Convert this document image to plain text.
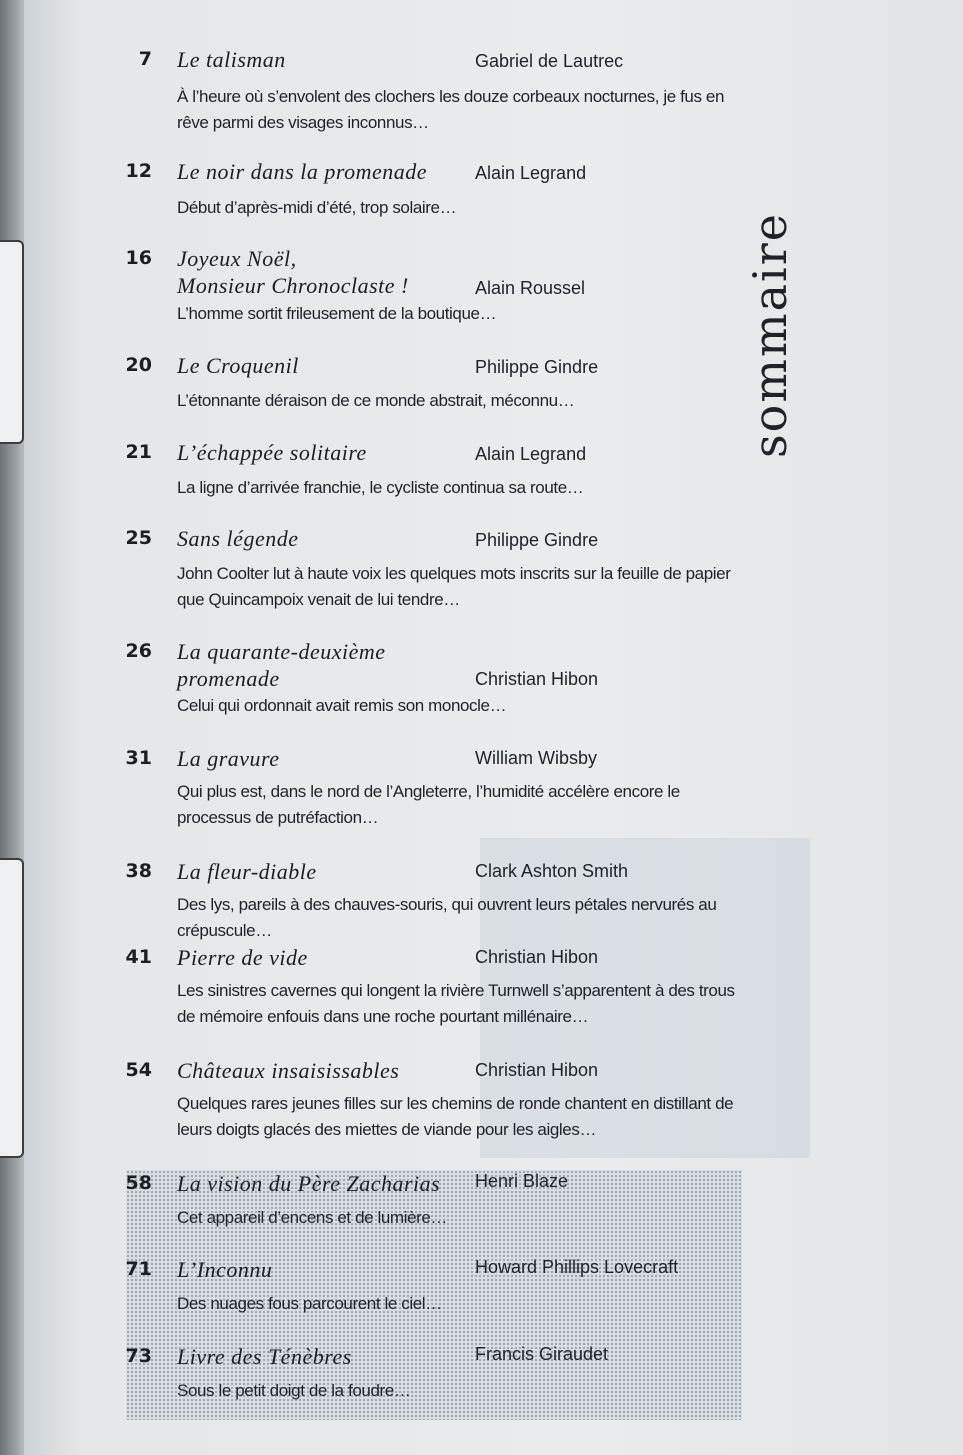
sommaire
7 Le talisman	Gabriel de Lautrec
À l’heure où s’envolent des clochers les douze corbeaux nocturnes, je fus en rêve parmi des visages inconnus…
12 Le noir dans la promenade	Alain Legrand
Début d’après-midi d’été, trop solaire…
16 Joyeux Noël,
Monsieur Chronoclaste !	Alain Roussel
L’homme sortit frileusement de la boutique…
20 Le Croquenil	Philippe Gindre
L’étonnante déraison de ce monde abstrait, méconnu…
21 L’échappée solitaire	Alain Legrand
La ligne d’arrivée franchie, le cycliste continua sa route…
25 Sans légende	Philippe Gindre
John Coolter lut à haute voix les quelques mots inscrits sur la feuille de papier que Quincampoix venait de lui tendre…
26 La quarante-deuxième
promenade	Christian Hibon
Celui qui ordonnait avait remis son monocle…
31 La gravure	William Wibsby
Qui plus est, dans le nord de l’Angleterre, l’humidité accélère encore le processus de putréfaction…
38 La fleur-diable	Clark Ashton Smith
Des lys, pareils à des chauves-souris, qui ouvrent leurs pétales nervurés au crépuscule…
41 Pierre de vide	Christian Hibon
Les sinistres cavernes qui longent la rivière Turnwell s’apparentent à des trous de mémoire enfouis dans une roche pourtant millénaire…
54 Châteaux insaisissables	Christian Hibon
Quelques rares jeunes filles sur les chemins de ronde chantent en distillant de leurs doigts glacés des miettes de viande pour les aigles…
58 La vision du Père Zacharias	Henri Blaze
Cet appareil d’encens et de lumière…
71 L’Inconnu	Howard Phillips Lovecraft
Des nuages fous parcourent le ciel…
73 Livre des Ténèbres	Francis Giraudet
Sous le petit doigt de la foudre…
